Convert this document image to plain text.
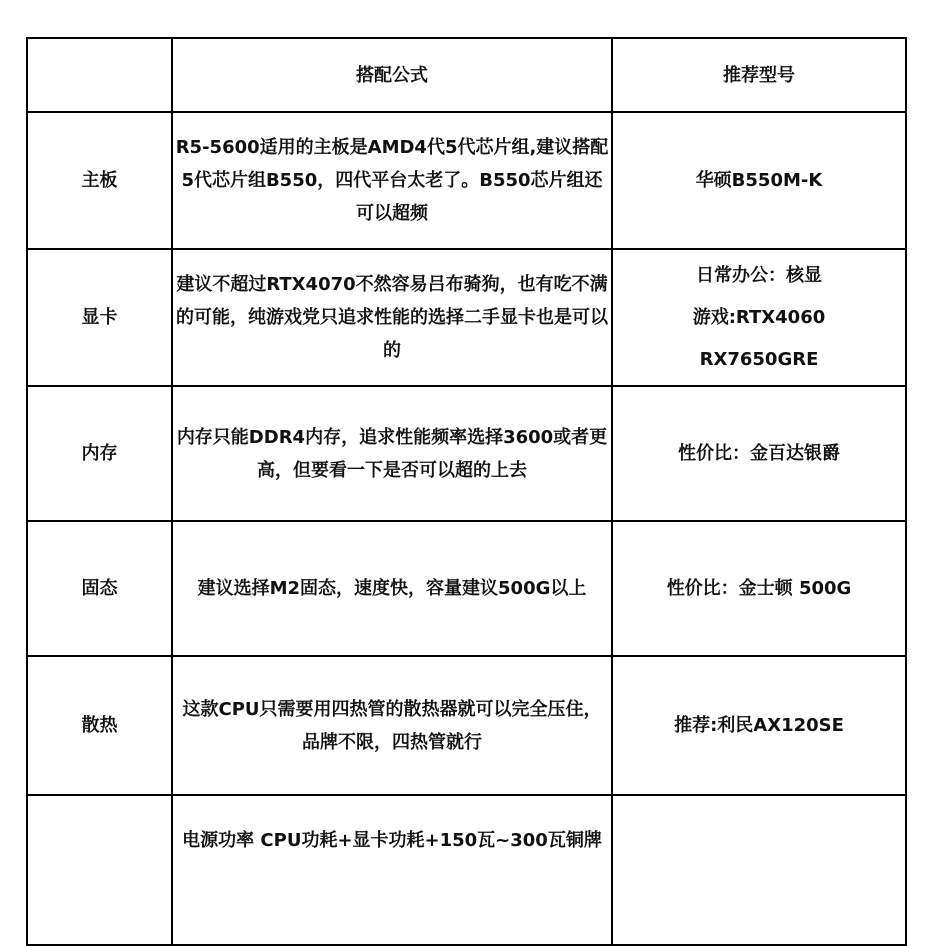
	搭配公式	推荐型号
主板	R5-5600适用的主板是AMD4代5代芯片组,建议搭配5代芯片组B550，四代平台太老了。B550芯片组还可以超频	华硕B550M-K

显卡	建议不超过RTX4070不然容易吕布骑狗，也有吃不满的可能，纯游戏党只追求性能的选择二手显卡也是可以的	日常办公：核显
游戏:RTX4060
RX7650GRE

内存	内存只能DDR4内存，追求性能频率选择3600或者更高，但要看一下是否可以超的上去	性价比：金百达银爵

固态	建议选择M2固态，速度快，容量建议500G以上	性价比：金士顿 500G

散热	这款CPU只需要用四热管的散热器就可以完全压住，品牌不限，四热管就行	推荐:利民AX120SE

	电源功率 CPU功耗+显卡功耗+150瓦~300瓦铜牌	
